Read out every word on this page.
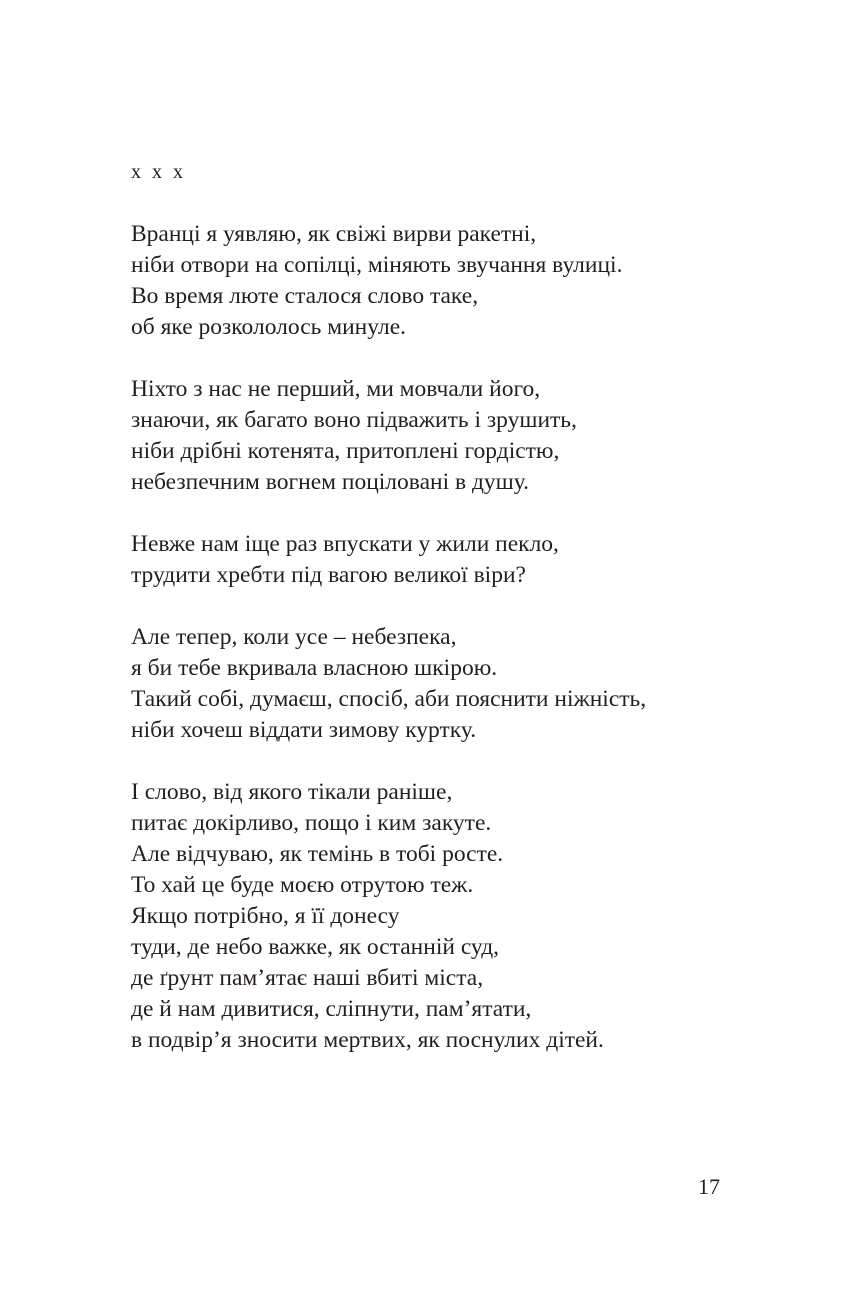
x x x
Вранці я уявляю, як свіжі вирви ракетні,
ніби отвори на сопілці, міняють звучання вулиці.
Во время люте сталося слово таке,
об яке розкололось минуле.
Ніхто з нас не перший, ми мовчали його,
знаючи, як багато воно підважить і зрушить,
ніби дрібні котенята, притоплені гордістю,
небезпечним вогнем поціловані в душу.
Невже нам іще раз впускати у жили пекло,
трудити хребти під вагою великої віри?
Але тепер, коли усе – небезпека,
я би тебе вкривала власною шкірою.
Такий собі, думаєш, спосіб, аби пояснити ніжність,
ніби хочеш віддати зимову куртку.
І слово, від якого тікали раніше,
питає докірливо, пощо і ким закуте.
Але відчуваю, як темінь в тобі росте.
То хай це буде моєю отрутою теж.
Якщо потрібно, я її донесу
туди, де небо важке, як останній суд,
де ґрунт пам’ятає наші вбиті міста,
де й нам дивитися, сліпнути, пам’ятати,
в подвір’я зносити мертвих, як поснулих дітей.
17
